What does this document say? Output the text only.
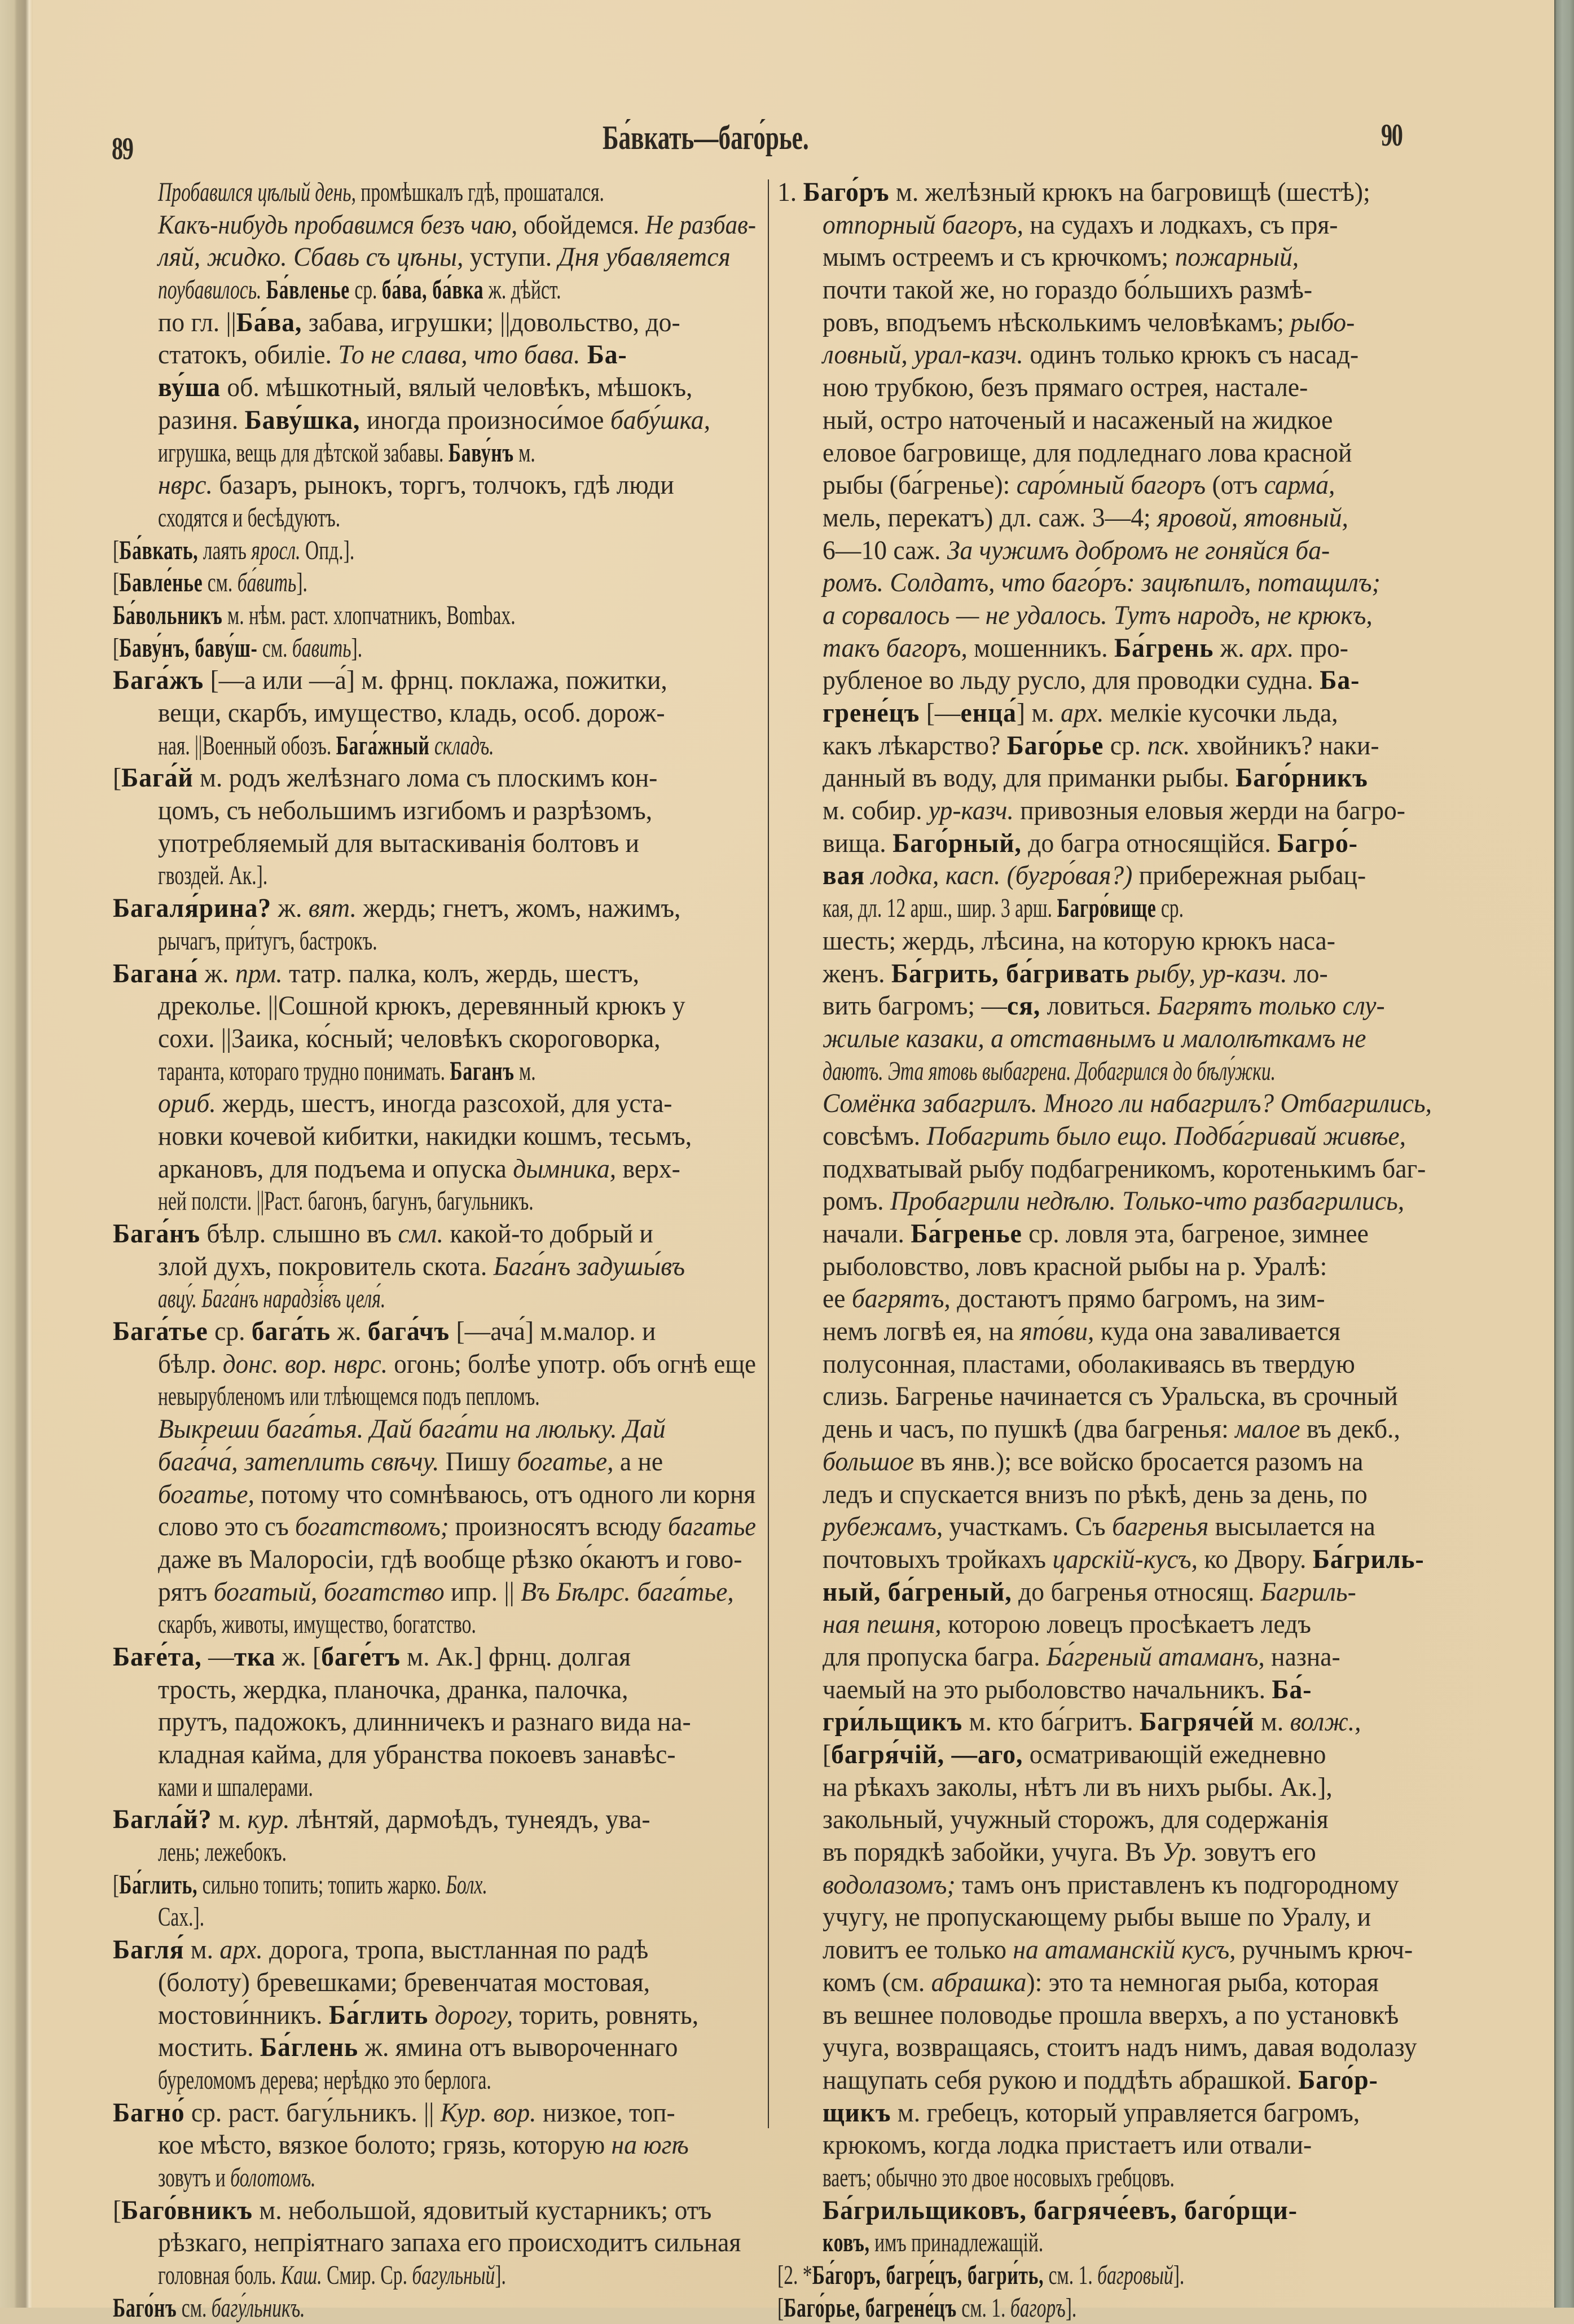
89	Ба́вкать—баго́рье.	90
Пробавился цѣлый день, промѣшкалъ гдѣ, прошатался.
Какъ-нибудь пробавимся безъ чаю, обойдемся. Не разбав-
ляй, жидко. Сбавь съ цѣны, уступи. Дня убавляется
поубавилось. Ба́вленье ср. ба́ва, ба́вка ж. дѣйст.
по гл. ||Ба́ва, забава, игрушки; ||довольство, до-
статокъ, обиліе. То не слава, что бава. Ба-
ву́ша об. мѣшкотный, вялый человѣкъ, мѣшокъ,
разиня. Баву́шка, иногда произноси́мое бабу́шка,
игрушка, вещь для дѣтской забавы. Баву́нъ м.
нврс. базаръ, рынокъ, торгъ, толчокъ, гдѣ люди
сходятся и бесѣдуютъ.
[Ба́вкать, лаять яросл. Опд.].
[Бавле́нье см. ба́вить].
Ба́вольникъ м. нѣм. раст. хлопчатникъ, Bombax.
[Баву́нъ, баву́ш- см. бавить].
Бага́жъ [—а или —а́] м. фрнц. поклажа, пожитки,
вещи, скарбъ, имущество, кладь, особ. дорож-
ная. ||Военный обозъ. Бага́жный складъ.
[Бага́й м. родъ желѣзнаго лома съ плоскимъ кон-
цомъ, съ небольшимъ изгибомъ и разрѣзомъ,
употребляемый для вытаскиванія болтовъ и
гвоздей. Ак.].
Багаля́рина? ж. вят. жердь; гнетъ, жомъ, нажимъ,
рычагъ, при́тугъ, бастрокъ.
Багана́ ж. прм. татр. палка, колъ, жердь, шестъ,
дреколье. ||Сошной крюкъ, деревянный крюкъ у
сохи. ||Заика, ко́сный; человѣкъ скороговорка,
таранта, котораго трудно понимать. Баганъ м.
ориб. жердь, шестъ, иногда разсохой, для уста-
новки кочевой кибитки, накидки кошмъ, тесьмъ,
аркановъ, для подъема и опуска дымника, верх-
ней полсти. ||Раст. багонъ, багунъ, багульникъ.
Бага́нъ бѣлр. слышно въ смл. какой-то добрый и
злой духъ, покровитель скота. Бага́нъ задушы́въ
авцу́. Бага́нъ нарадзі́въ целя́.
Бага́тье ср. бага́ть ж. бага́чъ [—ача́] м.малор. и
бѣлр. донс. вор. нврс. огонь; болѣе употр. объ огнѣ еще
невырубленомъ или тлѣющемся подъ пепломъ.
Выкреши бага́тья. Дай бага́ти на люльку. Дай
бага́ча́, затеплить свѣчу. Пишу богатье, а не
богатье, потому что сомнѣваюсь, отъ одного ли корня
слово это съ богатствомъ; произносятъ всюду багатье
даже въ Малоросіи, гдѣ вообще рѣзко о́каютъ и гово-
рятъ богатый, богатство ипр. || Въ Бѣлрс. бага́тье,
скарбъ, животы, имущество, богатство.
Бағе́та, —тка ж. [баге́тъ м. Ак.] фрнц. долгая
трость, жердка, планочка, дранка, палочка,
прутъ, падожокъ, длинничекъ и разнаго вида на-
кладная кайма, для убранства покоевъ занавѣс-
ками и шпалерами.
Багла́й? м. кур. лѣнтяй, дармоѣдъ, тунеядъ, ува-
лень; лежебокъ.
[Ба́глить, сильно топить; топить жарко. Болх.
Сах.].
Багля́ м. арх. дорога, тропа, выстланная по радѣ
(болоту) бревешками; бревенчатая мостовая,
мостови́нникъ. Ба́глить дорогу, торить, ровнять,
мостить. Ба́глень ж. ямина отъ вывороченнаго
буреломомъ дерева; нерѣдко это берлога.
Багно́ ср. раст. багу́льникъ. || Кур. вор. низкое, топ-
кое мѣсто, вязкое болото; грязь, которую на югѣ
зовутъ и болотомъ.
[Баго́вникъ м. небольшой, ядовитый кустарникъ; отъ
рѣзкаго, непріятнаго запаха его происходитъ сильная
головная боль. Каш. Смир. Ср. багульный].
Баго́нъ см. багу́льникъ.
1. Баго́ръ м. желѣзный крюкъ на багровищѣ (шестѣ);
отпорный багоръ, на судахъ и лодкахъ, съ пря-
мымъ остреемъ и съ крючкомъ; пожарный,
почти такой же, но гораздо бо́льшихъ размѣ-
ровъ, вподъемъ нѣсколькимъ человѣкамъ; рыбо-
ловный, урал-казч. одинъ только крюкъ съ насад-
ною трубкою, безъ прямаго острея, насталe-
ный, остро наточеный и насаженый на жидкое
еловое багровище, для подледнаго лова красной
рыбы (ба́греньe): саро́мный багоръ (отъ сарма́,
мель, перекатъ) дл. саж. 3—4; яровой, ятовный,
6—10 саж. За чужимъ добромъ не гоняйся ба-
ромъ. Солдатъ, что баго́ръ: зацѣпилъ, потащилъ;
а сорвалось — не удалось. Тутъ народъ, не крюкъ,
такъ багоръ, мошенникъ. Ба́грень ж. арх. про-
рубленое во льду русло, для проводки судна. Ба-
грене́цъ [—енца́] м. арх. мелкіе кусочки льда,
какъ лѣкарство? Баго́рье ср. пск. хвойникъ? наки-
данный въ воду, для приманки рыбы. Баго́рникъ
м. собир. ур-казч. привозныя еловыя жерди на багро-
вища. Баго́рный, до багра относящійся. Багро́-
вая лодка, касп. (бугро́вая?) прибережная рыбац-
кая, дл. 12 арш., шир. 3 арш. Багро́вище ср.
шесть; жердь, лѣсина, на которую крюкъ наса-
женъ. Ба́грить, ба́гривать рыбу, ур-казч. ло-
вить багромъ; —ся, ловиться. Багрятъ только слу-
жилые казаки, а отставнымъ и малолѣткамъ не
даютъ. Эта ятовь выбагрена. Добагрился до бѣлу́жки.
Сомёнка забагрилъ. Много ли набагрилъ? Отбагрились,
совсѣмъ. Побагрить было ещо. Подба́гривай живѣе,
подхватывай рыбу подбагреникомъ, коротенькимъ баг-
ромъ. Пробагрили недѣлю. Только-что разбагрились,
начали. Ба́гренье ср. ловля эта, багреное, зимнее
рыболовство, ловъ красной рыбы на р. Уралѣ:
ее багрятъ, достаютъ прямо багромъ, на зим-
немъ логвѣ ея, на ято́ви, куда она заваливается
полусонная, пластами, оболакиваясь въ твердую
слизь. Багренье начинается съ Уральска, въ срочный
день и часъ, по пушкѣ (два багренья: малое въ декб.,
большое въ янв.); все войско бросается разомъ на
ледъ и спускается внизъ по рѣкѣ, день за день, по
рубежамъ, участкамъ. Съ багренья высылается на
почтовыхъ тройкахъ царскій-кусъ, ко Двору. Ба́гриль-
ный, ба́греный, до багренья относящ. Багриль-
ная пешня, которою ловецъ просѣкаетъ ледъ
для пропуска багра. Ба́греный атаманъ, назна-
чаемый на это рыболовство начальникъ. Ба́-
гри́льщикъ м. кто ба́гритъ. Багряче́й м. волж.,
[багря́чій, —аго, осматривающій ежедневно
на рѣкахъ заколы, нѣтъ ли въ нихъ рыбы. Ак.],
закольный, учужный сторожъ, для содержанія
въ порядкѣ забойки, учуга. Въ Ур. зовутъ его
водолазомъ; тамъ онъ приставленъ къ подгородному
учугу, не пропускающему рыбы выше по Уралу, и
ловитъ ее только на атаманскій кусъ, ручнымъ крюч-
комъ (см. абрашка): это та немногая рыба, которая
въ вешнее половодье прошла вверхъ, а по установкѣ
учуга, возвращаясь, стоитъ надъ нимъ, давая водолазу
нащупать себя рукою и поддѣть абрашкой. Баго́р-
щикъ м. гребецъ, который управляется багромъ,
крюкомъ, когда лодка пристаетъ или отвали-
ваетъ; обычно это двое носовыхъ гребцовъ.
Ба́грильщиковъ, багряче́евъ, баго́рщи-
ковъ, имъ принадлежащій.
[2. *Ба́горъ, багре́цъ, багри́ть, см. 1. багровый].
[Баго́рье, багрене́цъ см. 1. багоръ].
